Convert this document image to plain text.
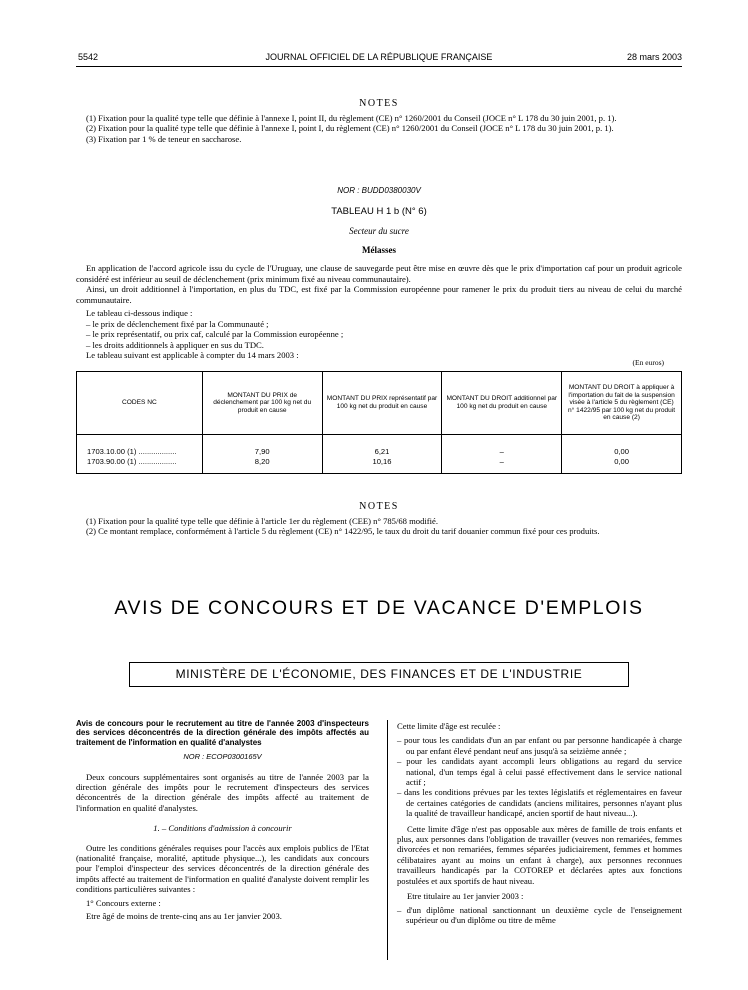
5542	JOURNAL OFFICIEL DE LA RÉPUBLIQUE FRANÇAISE	28 mars 2003
NOTES

(1) Fixation pour la qualité type telle que définie à l'annexe I, point II, du règlement (CE) n° 1260/2001 du Conseil (JOCE n° L 178 du 30 juin 2001, p. 1).

(2) Fixation pour la qualité type telle que définie à l'annexe I, point I, du règlement (CE) n° 1260/2001 du Conseil (JOCE n° L 178 du 30 juin 2001, p. 1).

(3) Fixation par 1 % de teneur en saccharose.

NOR : BUDD0380030V
TABLEAU H 1 b (N° 6)
Secteur du sucre
Mélasses

En application de l'accord agricole issu du cycle de l'Uruguay, une clause de sauvegarde peut être mise en œuvre dès que le prix d'importation caf pour un produit agricole considéré est inférieur au seuil de déclenchement (prix minimum fixé au niveau communautaire).

Ainsi, un droit additionnel à l'importation, en plus du TDC, est fixé par la Commission européenne pour ramener le prix du produit tiers au niveau de celui du marché communautaire.

Le tableau ci-dessous indique :

– le prix de déclenchement fixé par la Communauté ;

– le prix représentatif, ou prix caf, calculé par la Commission européenne ;

– les droits additionnels à appliquer en sus du TDC.

Le tableau suivant est applicable à compter du 14 mars 2003 :

(En euros)
CODES NC	MONTANT DU PRIX de déclenchement par 100 kg net du produit en cause	MONTANT DU PRIX représentatif par 100 kg net du produit en cause	MONTANT DU DROIT additionnel par 100 kg net du produit en cause	MONTANT DU DROIT à appliquer à l'importation du fait de la suspension visée à l'article 5 du règlement (CE) n° 1422/95 par 100 kg net du produit en cause (2)

1703.10.00 (1) ..................	7,90	6,21	–	0,00
1703.90.00 (1) ..................	8,20	10,16	–	0,00

NOTES

(1) Fixation pour la qualité type telle que définie à l'article 1er du règlement (CEE) n° 785/68 modifié.

(2) Ce montant remplace, conformément à l'article 5 du règlement (CE) n° 1422/95, le taux du droit du tarif douanier commun fixé pour ces produits.

AVIS DE CONCOURS ET DE VACANCE D'EMPLOIS
MINISTÈRE DE L'ÉCONOMIE, DES FINANCES ET DE L'INDUSTRIE

Avis de concours pour le recrutement au titre de l'année 2003 d'inspecteurs des services déconcentrés de la direction générale des impôts affectés au traitement de l'information en qualité d'analystes

NOR : ECOP0300165V

Deux concours supplémentaires sont organisés au titre de l'année 2003 par la direction générale des impôts pour le recrutement d'inspecteurs des services déconcentrés de la direction générale des impôts affecté au traitement de l'information en qualité d'analystes.

1. – Conditions d'admission à concourir

Outre les conditions générales requises pour l'accès aux emplois publics de l'Etat (nationalité française, moralité, aptitude physique...), les candidats aux concours pour l'emploi d'inspecteur des services déconcentrés de la direction générale des impôts affecté au traitement de l'information en qualité d'analyste doivent remplir les conditions particulières suivantes :

1° Concours externe :

Etre âgé de moins de trente-cinq ans au 1er janvier 2003.

Cette limite d'âge est reculée :

– pour tous les candidats d'un an par enfant ou par personne handicapée à charge ou par enfant élevé pendant neuf ans jusqu'à sa seizième année ;

– pour les candidats ayant accompli leurs obligations au regard du service national, d'un temps égal à celui passé effectivement dans le service national actif ;

– dans les conditions prévues par les textes législatifs et réglementaires en faveur de certaines catégories de candidats (anciens militaires, personnes n'ayant plus la qualité de travailleur handicapé, ancien sportif de haut niveau...).

Cette limite d'âge n'est pas opposable aux mères de famille de trois enfants et plus, aux personnes dans l'obligation de travailler (veuves non remariées, femmes divorcées et non remariées, femmes séparées judiciairement, femmes et hommes célibataires ayant au moins un enfant à charge), aux personnes reconnues travailleurs handicapés par la COTOREP et déclarées aptes aux fonctions postulées et aux sportifs de haut niveau.

Etre titulaire au 1er janvier 2003 :

– d'un diplôme national sanctionnant un deuxième cycle de l'enseignement supérieur ou d'un diplôme ou titre de même
